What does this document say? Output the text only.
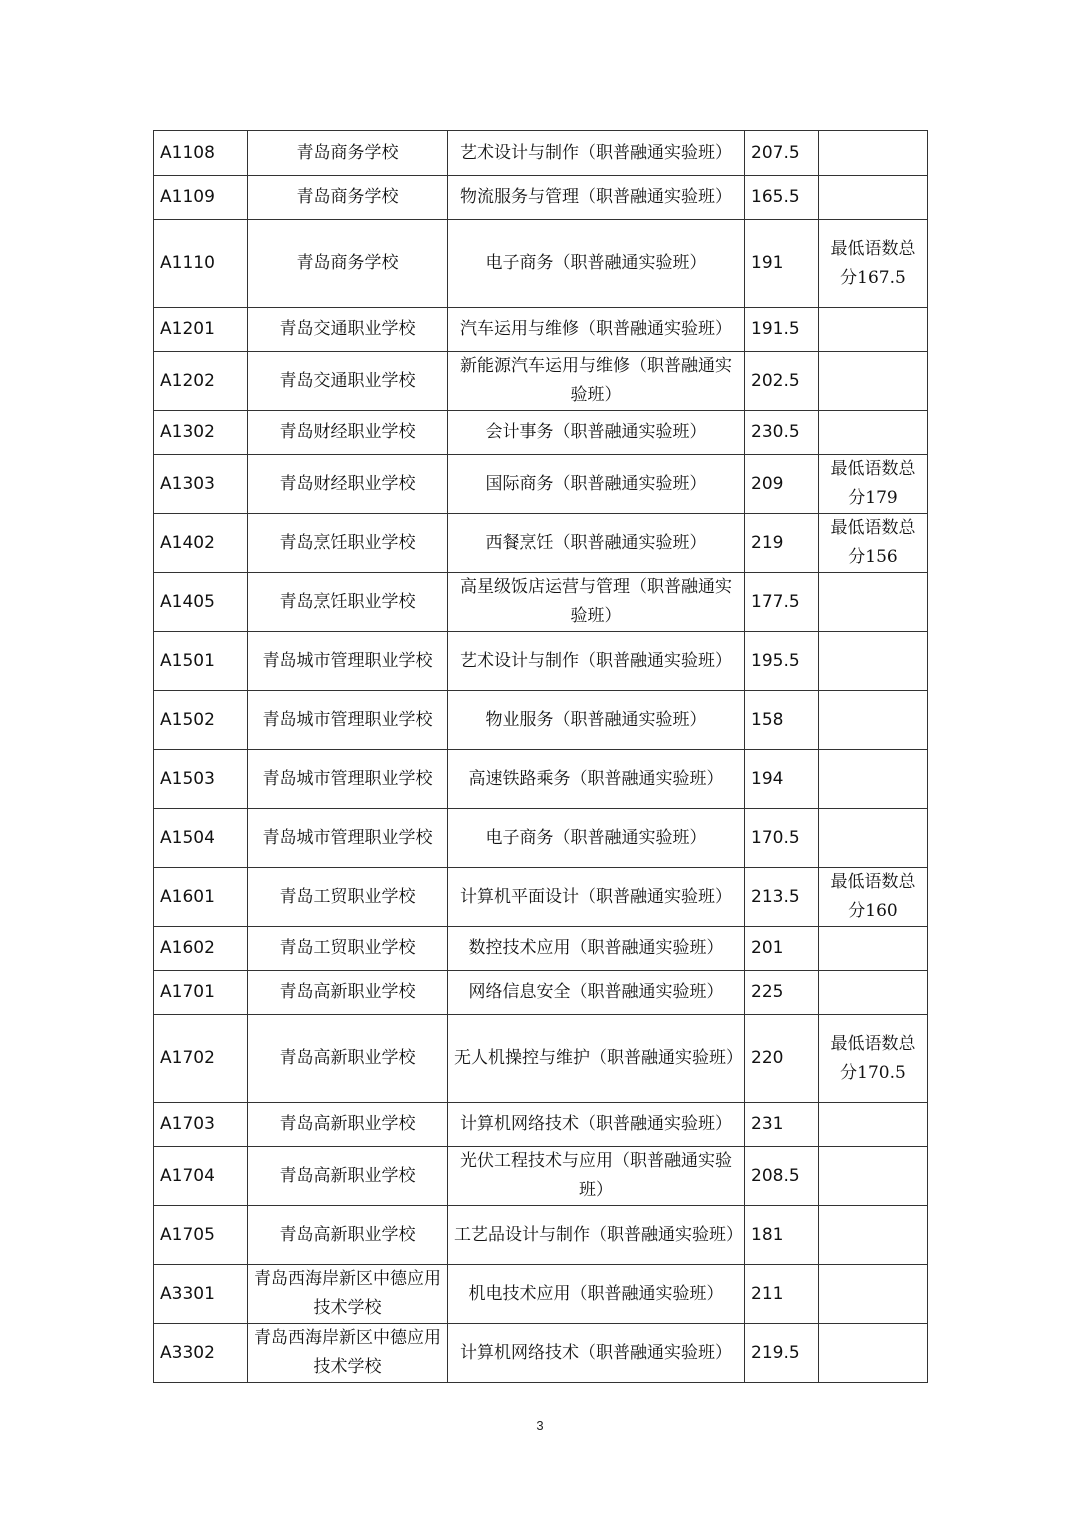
A1108	青岛商务学校	艺术设计与制作（职普融通实验班）	207.5	
A1109	青岛商务学校	物流服务与管理（职普融通实验班）	165.5	
A1110	青岛商务学校	电子商务（职普融通实验班）	191	最低语数总分167.5
A1201	青岛交通职业学校	汽车运用与维修（职普融通实验班）	191.5	
A1202	青岛交通职业学校	新能源汽车运用与维修（职普融通实验班）	202.5	
A1302	青岛财经职业学校	会计事务（职普融通实验班）	230.5	
A1303	青岛财经职业学校	国际商务（职普融通实验班）	209	最低语数总分179
A1402	青岛烹饪职业学校	西餐烹饪（职普融通实验班）	219	最低语数总分156
A1405	青岛烹饪职业学校	高星级饭店运营与管理（职普融通实验班）	177.5	
A1501	青岛城市管理职业学校	艺术设计与制作（职普融通实验班）	195.5	
A1502	青岛城市管理职业学校	物业服务（职普融通实验班）	158	
A1503	青岛城市管理职业学校	高速铁路乘务（职普融通实验班）	194	
A1504	青岛城市管理职业学校	电子商务（职普融通实验班）	170.5	
A1601	青岛工贸职业学校	计算机平面设计（职普融通实验班）	213.5	最低语数总分160
A1602	青岛工贸职业学校	数控技术应用（职普融通实验班）	201	
A1701	青岛高新职业学校	网络信息安全（职普融通实验班）	225	
A1702	青岛高新职业学校	无人机操控与维护（职普融通实验班）	220	最低语数总分170.5
A1703	青岛高新职业学校	计算机网络技术（职普融通实验班）	231	
A1704	青岛高新职业学校	光伏工程技术与应用（职普融通实验班）	208.5	
A1705	青岛高新职业学校	工艺品设计与制作（职普融通实验班）	181	
A3301	青岛西海岸新区中德应用技术学校	机电技术应用（职普融通实验班）	211	
A3302	青岛西海岸新区中德应用技术学校	计算机网络技术（职普融通实验班）	219.5	
3
